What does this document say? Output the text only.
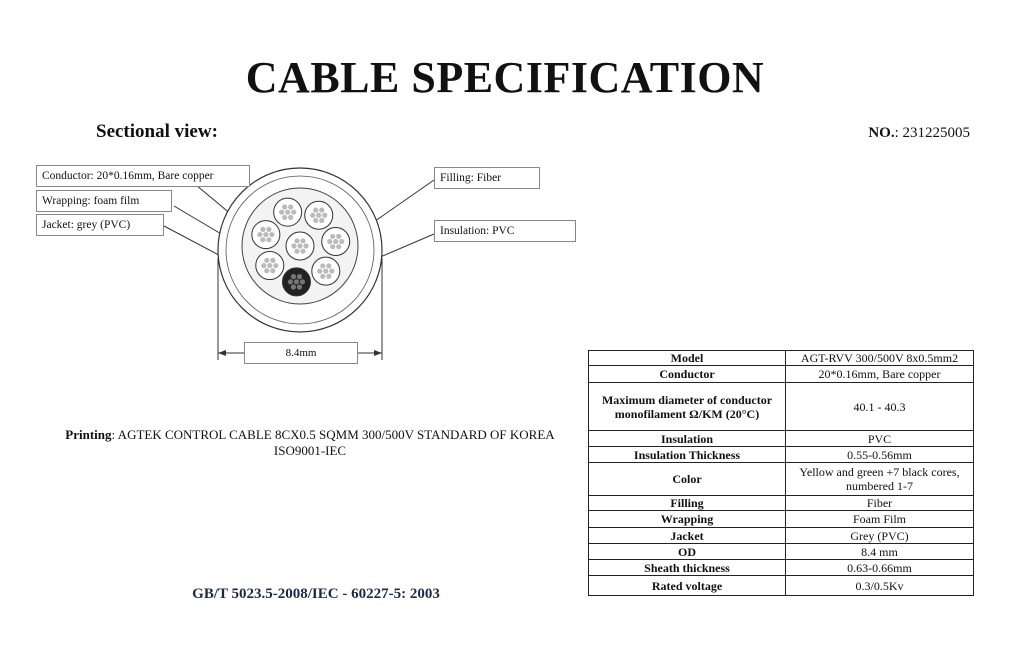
CABLE SPECIFICATION
Sectional view:	NO.: 231225005
Conductor: 20*0.16mm, Bare copper
Wrapping: foam film
Jacket: grey (PVC)
Filling: Fiber
Insulation: PVC
8.4mm
Printing: AGTEK CONTROL CABLE 8CX0.5 SQMM 300/500V STANDARD OF KOREA ISO9001-IEC
GB/T 5023.5-2008/IEC - 60227-5: 2003
Model	AGT-RVV 300/500V 8x0.5mm2
Conductor	20*0.16mm, Bare copper
Maximum diameter of conductor monofilament Ω/KM (20°C)	40.1 - 40.3
Insulation	PVC
Insulation Thickness	0.55-0.56mm
Color	Yellow and green +7 black cores, numbered 1-7
Filling	Fiber
Wrapping	Foam Film
Jacket	Grey (PVC)
OD	8.4 mm
Sheath thickness	0.63-0.66mm
Rated voltage	0.3/0.5Kv
